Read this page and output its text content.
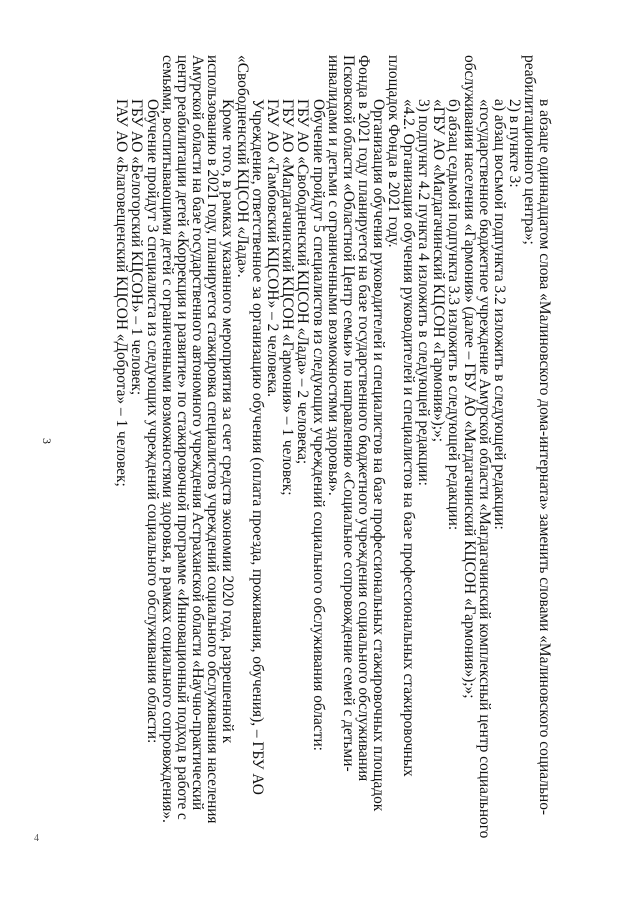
3
4

в абзаце одиннадцатом слова «Малиновского дома-интерната» заменить словами «Малиновского социально-

реабилитационного центра»;

2) в пункте 3:

а) абзац восьмой подпункта 3.2 изложить в следующей редакции:

«государственное бюджетное учреждение Амурской области «Магдагачинский комплексный центр социального

обслуживания населения «Гармония» (далее – ГБУ АО «Магдагачинский КЦСОН «Гармония»);»;

б) абзац седьмой подпункта 3.3 изложить в следующей редакции:

«ГБУ АО «Магдагачинский КЦСОН «Гармония»);»;

3) подпункт 4.2 пункта 4 изложить в следующей редакции:

«4.2. Организация обучения руководителей и специалистов на базе профессиональных стажировочных

площадок Фонда в 2021 году.

Организация обучения руководителей и специалистов на базе профессиональных стажировочных площадок

Фонда в 2021 году планируется на базе государственного бюджетного учреждения социального обслуживания

Псковской области «Областной Центр семьи» по направлению «Социальное сопровождение семей с детьми-

инвалидами и детьми с ограниченными возможностями здоровья».

Обучение пройдут 5 специалистов из следующих учреждений социального обслуживания области:

ГБУ АО «Свободненский КЦСОН «Лада» – 2 человека;

ГБУ АО «Магдагачинский КЦСОН «Гармония» – 1 человек;

ГАУ АО «Тамбовский КЦСОН» – 2 человека.

Учреждение, ответственное за организацию обучения (оплата проезда, проживания, обучения), – ГБУ АО

«Свободненский КЦСОН «Лада».

Кроме того, в рамках указанного мероприятия за счет средств экономии 2020 года, разрешенной к

использованию в 2021 году, планируется стажировка специалистов учреждений социального обслуживания населения

Амурской области на базе государственного автономного учреждения Астраханской области «Научно-практический

центр реабилитации детей «Коррекция и развитие» по стажировочной программе «Инновационный подход в работе с

семьями, воспитывающими детей с ограниченными возможностями здоровья, в рамках социального сопровождения».

Обучение пройдут 3 специалиста из следующих учреждений социального обслуживания области:

ГБУ АО «Белогорский КЦСОН» – 1 человек;

ГАУ АО «Благовещенский КЦСОН «Доброта» – 1 человек;
